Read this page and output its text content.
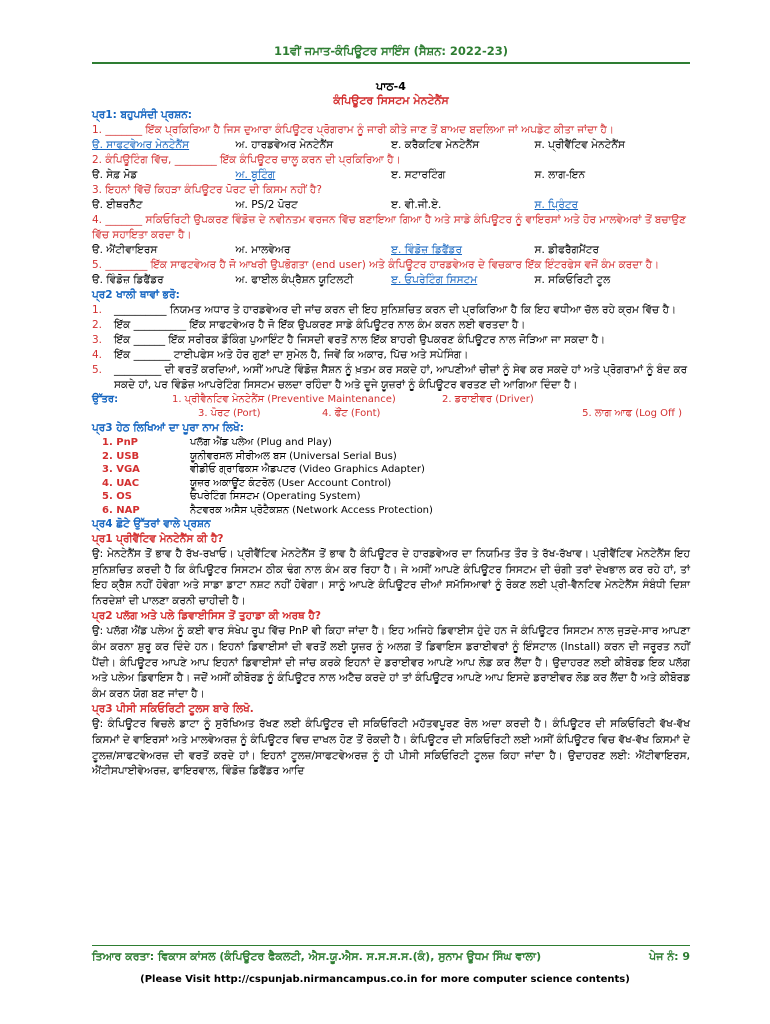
11ਵੀਂ ਜਮਾਤ-ਕੰਪਿਊਟਰ ਸਾਇੰਸ (ਸੈਸ਼ਨ: 2022-23)
ਪਾਠ-4
ਕੰਪਿਊਟਰ ਸਿਸਟਮ ਮੇਨਟੇਨੈਂਸ
ਪ੍ਰ1: ਬਹੁਪਸੰਦੀ ਪ੍ਰਸ਼ਨ:
1. _______ ਇੱਕ ਪ੍ਰਕਿਰਿਆ ਹੈ ਜਿਸ ਦੁਆਰਾ ਕੰਪਿਊਟਰ ਪ੍ਰੋਗਰਾਮ ਨੂੰ ਜਾਰੀ ਕੀਤੇ ਜਾਣ ਤੋਂ ਬਾਅਦ ਬਦਲਿਆ ਜਾਂ ਅਪਡੇਟ ਕੀਤਾ ਜਾਂਦਾ ਹੈ।
ੳ. ਸਾਫਟਵੇਅਰ ਮੇਨਟੇਨੈਂਸ	ਅ. ਹਾਰਡਵੇਅਰ ਮੇਨਟੇਨੈਂਸ	ੲ. ਕਰੈਕਟਿਵ ਮੇਨਟੇਨੈਂਸ	ਸ. ਪ੍ਰੀਵੈਂਟਿਵ ਮੇਨਟੇਨੈਂਸ
2. ਕੰਪਿਊਟਿੰਗ ਵਿੱਚ, ________ ਇੱਕ ਕੰਪਿਊਟਰ ਚਾਲੂ ਕਰਨ ਦੀ ਪ੍ਰਕਿਰਿਆ ਹੈ।
ੳ. ਸੇਫ਼ ਮੋਡ	ਅ. ਬੂਟਿੰਗ	ੲ. ਸਟਾਰਟਿੰਗ	ਸ. ਲਾਗ-ਇਨ
3. ਇਹਨਾਂ ਵਿੱਚੋਂ ਕਿਹੜਾ ਕੰਪਿਊਟਰ ਪੋਰਟ ਦੀ ਕਿਸਮ ਨਹੀਂ ਹੈ?
ੳ. ਈਥਰਨੈੱਟ	ਅ. PS/2 ਪੋਰਟ	ੲ. ਵੀ.ਜੀ.ਏ.	ਸ. ਪ੍ਰਿੰਟਰ
4. _______ ਸਕਿਓਰਿਟੀ ਉਪਕਰਣ ਵਿੰਡੋਜ਼ ਦੇ ਨਵੀਨਤਮ ਵਰਜਨ ਵਿੱਚ ਬਣਾਇਆ ਗਿਆ ਹੈ ਅਤੇ ਸਾਡੇ ਕੰਪਿਊਟਰ ਨੂੰ ਵਾਇਰਸਾਂ ਅਤੇ ਹੋਰ ਮਾਲਵੇਅਰਾਂ ਤੋਂ ਬਚਾਉਣ ਵਿੱਚ ਸਹਾਇਤਾ ਕਰਦਾ ਹੈ।
ੳ. ਐਂਟੀਵਾਇਰਸ	ਅ. ਮਾਲਵੇਅਰ	ੲ. ਵਿੰਡੋਜ਼ ਡਿਫੈਂਡਰ	ਸ. ਡੀਫਰੈਗਮੈਂਟਰ
5. ________ ਇੱਕ ਸਾਫਟਵੇਅਰ ਹੈ ਜੋ ਆਖਰੀ ਉਪਭੋਗਤਾ (end user) ਅਤੇ ਕੰਪਿਊਟਰ ਹਾਰਡਵੇਅਰ ਦੇ ਵਿਚਕਾਰ ਇੱਕ ਇੰਟਰਫੇਸ ਵਜੋਂ ਕੰਮ ਕਰਦਾ ਹੈ।
ੳ. ਵਿੰਡੋਜ਼ ਡਿਫੈਂਡਰ	ਅ. ਫਾਈਲ ਕੰਪ੍ਰੈਸ਼ਨ ਯੂਟਿਲਟੀ	ੲ. ਓਪਰੇਟਿੰਗ ਸਿਸਟਮ	ਸ. ਸਕਿਓਰਿਟੀ ਟੂਲ
ਪ੍ਰ2 ਖਾਲੀ ਥਾਵਾਂ ਭਰੋ:
1.	__________ ਨਿਯਮਤ ਅਧਾਰ ਤੇ ਹਾਰਡਵੇਅਰ ਦੀ ਜਾਂਚ ਕਰਨ ਦੀ ਇਹ ਸੁਨਿਸ਼ਚਿਤ ਕਰਨ ਦੀ ਪ੍ਰਕਿਰਿਆ ਹੈ ਕਿ ਇਹ ਵਧੀਆ ਚੱਲ ਰਹੇ ਕ੍ਰਮ ਵਿੱਚ ਹੈ।
2.	ਇੱਕ __________ ਇੱਕ ਸਾਫਟਵੇਅਰ ਹੈ ਜੋ ਇੱਕ ਉਪਕਰਣ ਸਾਡੇ ਕੰਪਿਊਟਰ ਨਾਲ ਕੰਮ ਕਰਨ ਲਈ ਵਰਤਦਾ ਹੈ।
3.	ਇੱਕ ______ ਇੱਕ ਸਰੀਰਕ ਡੌਕਿੰਗ ਪੁਆਇੰਟ ਹੈ ਜਿਸਦੀ ਵਰਤੋਂ ਨਾਲ ਇੱਕ ਬਾਹਰੀ ਉਪਕਰਣ ਕੰਪਿਊਟਰ ਨਾਲ ਜੋੜਿਆ ਜਾ ਸਕਦਾ ਹੈ।
4.	ਇੱਕ _______ ਟਾਈਪਫੇਸ ਅਤੇ ਹੋਰ ਗੁਣਾਂ ਦਾ ਸੁਮੇਲ ਹੈ, ਜਿਵੇਂ ਕਿ ਅਕਾਰ, ਪਿੱਚ ਅਤੇ ਸਪੇਸਿੰਗ।
5.	_________ ਦੀ ਵਰਤੋਂ ਕਰਦਿਆਂ, ਅਸੀਂ ਆਪਣੇ ਵਿੰਡੋਜ਼ ਸੈਸ਼ਨ ਨੂੰ ਖ਼ਤਮ ਕਰ ਸਕਦੇ ਹਾਂ, ਆਪਣੀਆਂ ਚੀਜ਼ਾਂ ਨੂੰ ਸੇਵ ਕਰ ਸਕਦੇ ਹਾਂ ਅਤੇ ਪ੍ਰੋਗਰਾਮਾਂ ਨੂੰ ਬੰਦ ਕਰ ਸਕਦੇ ਹਾਂ, ਪਰ ਵਿੰਡੋਜ਼ ਆਪਰੇਟਿੰਗ ਸਿਸਟਮ ਚਲਦਾ ਰਹਿੰਦਾ ਹੈ ਅਤੇ ਦੂਜੇ ਯੂਜ਼ਰਾਂ ਨੂੰ ਕੰਪਿਊਟਰ ਵਰਤਣ ਦੀ ਆਗਿਆ ਦਿੰਦਾ ਹੈ।
ਉੱਤਰ:	1. ਪ੍ਰੀਵੈਨਟਿਵ ਮੇਨਟੇਨੈਂਸ (Preventive Maintenance)	2. ਡਰਾਈਵਰ (Driver)
3. ਪੋਰਟ (Port)	4. ਫੌਂਟ (Font)	5. ਲਾਗ ਆਫ (Log Off )
ਪ੍ਰ3 ਹੇਠ ਲਿਖਿਆਂ ਦਾ ਪੂਰਾ ਨਾਮ ਲਿਖੋ:
1. PnP	ਪਲੱਗ ਐਂਡ ਪਲੇਅ (Plug and Play)
2. USB	ਯੂਨੀਵਰਸਲ ਸੀਰੀਅਲ ਬਸ (Universal Serial Bus)
3. VGA	ਵੀਡੀਓ ਗ੍ਰਾਫਿਕਸ ਐਡਪਟਰ (Video Graphics Adapter)
4. UAC	ਯੂਜ਼ਰ ਅਕਾਊਂਟ ਕੰਟਰੋਲ (User Account Control)
5. OS	ਓਪਰੇਟਿੰਗ ਸਿਸਟਮ (Operating System)
6. NAP	ਨੈਟਵਰਕ ਅਸੈਸ ਪ੍ਰੋਟੈਕਸ਼ਨ (Network Access Protection)
ਪ੍ਰ4 ਛੋਟੇ ਉੱਤਰਾਂ ਵਾਲੇ ਪ੍ਰਸ਼ਨ
ਪ੍ਰ1 ਪ੍ਰੀਵੈਂਟਿਵ ਮੇਨਟੇਨੈਂਸ ਕੀ ਹੈ?
ਉ: ਮੇਨਟੇਨੈਂਸ ਤੋਂ ਭਾਵ ਹੈ ਰੱਖ-ਰਖਾਓ। ਪ੍ਰੀਵੈਂਟਿਵ ਮੇਨਟੇਨੈਂਸ ਤੋਂ ਭਾਵ ਹੈ ਕੰਪਿਊਟਰ ਦੇ ਹਾਰਡਵੇਅਰ ਦਾ ਨਿਯਮਿਤ ਤੌਰ ਤੇ ਰੱਖ-ਰੱਖਾਵ। ਪ੍ਰੀਵੈਂਟਿਵ ਮੇਨਟੇਨੈਂਸ ਇਹ ਸੁਨਿਸ਼ਚਿਤ ਕਰਦੀ ਹੈ ਕਿ ਕੰਪਿਊਟਰ ਸਿਸਟਮ ਠੀਕ ਢੰਗ ਨਾਲ ਕੰਮ ਕਰ ਰਿਹਾ ਹੈ। ਜੇ ਅਸੀਂ ਆਪਣੇ ਕੰਪਿਊਟਰ ਸਿਸਟਮ ਦੀ ਚੰਗੀ ਤਰਾਂ ਦੇਖਭਾਲ ਕਰ ਰਹੇ ਹਾਂ, ਤਾਂ ਇਹ ਕ੍ਰੈਸ਼ ਨਹੀਂ ਹੋਵੇਗਾ ਅਤੇ ਸਾਡਾ ਡਾਟਾ ਨਸ਼ਟ ਨਹੀਂ ਹੋਵੇਗਾ। ਸਾਨੂੰ ਆਪਣੇ ਕੰਪਿਊਟਰ ਦੀਆਂ ਸਮੱਸਿਆਵਾਂ ਨੂੰ ਰੋਕਣ ਲਈ ਪ੍ਰੀ-ਵੈਨਟਿਵ ਮੇਨਟੇਨੈਂਸ ਸੰਬੰਧੀ ਦਿਸ਼ਾ ਨਿਰਦੇਸ਼ਾਂ ਦੀ ਪਾਲਣਾ ਕਰਨੀ ਚਾਹੀਦੀ ਹੈ।
ਪ੍ਰ2 ਪਲੱਗ ਅਤੇ ਪਲੇ ਡਿਵਾਈਸਿਸ ਤੋਂ ਤੁਹਾਡਾ ਕੀ ਅਰਥ ਹੈ?
ਉ: ਪਲੱਗ ਐਂਡ ਪਲੇਅ ਨੂੰ ਕਈ ਵਾਰ ਸੰਖੇਪ ਰੂਪ ਵਿੱਚ PnP ਵੀ ਕਿਹਾ ਜਾਂਦਾ ਹੈ। ਇਹ ਅਜਿਹੇ ਡਿਵਾਈਸ ਹੁੰਦੇ ਹਨ ਜੋ ਕੰਪਿਊਟਰ ਸਿਸਟਮ ਨਾਲ ਜੁੜਦੇ-ਸਾਰ ਆਪਣਾ ਕੰਮ ਕਰਨਾ ਸ਼ੁਰੂ ਕਰ ਦਿੰਦੇ ਹਨ। ਇਹਨਾਂ ਡਿਵਾਈਸਾਂ ਦੀ ਵਰਤੋਂ ਲਈ ਯੂਜ਼ਰ ਨੂੰ ਅਲਗ ਤੋਂ ਡਿਵਾਇਸ ਡਰਾਈਵਰਾਂ ਨੂੰ ਇੰਸਟਾਲ (Install) ਕਰਨ ਦੀ ਜਰੂਰਤ ਨਹੀਂ ਪੈਂਦੀ। ਕੰਪਿਊਟਰ ਆਪਣੇ ਆਪ ਇਹਨਾਂ ਡਿਵਾਈਸਾਂ ਦੀ ਜਾਂਚ ਕਰਕੇ ਇਹਨਾਂ ਦੇ ਡਰਾਈਵਰ ਆਪਣੇ ਆਪ ਲੋਡ ਕਰ ਲੈਂਦਾ ਹੈ। ਉਦਾਹਰਣ ਲਈ ਕੀਬੋਰਡ ਇਕ ਪਲੱਗ ਅਤੇ ਪਲੇਅ ਡਿਵਾਇਸ ਹੈ। ਜਦੋਂ ਅਸੀਂ ਕੀਬੋਰਡ ਨੂੰ ਕੰਪਿਊਟਰ ਨਾਲ ਅਟੈਚ ਕਰਦੇ ਹਾਂ ਤਾਂ ਕੰਪਿਊਟਰ ਆਪਣੇ ਆਪ ਇਸਦੇ ਡਰਾਈਵਰ ਲੋਡ ਕਰ ਲੈਂਦਾ ਹੈ ਅਤੇ ਕੀਬੋਰਡ ਕੰਮ ਕਰਨ ਯੋਗ ਬਣ ਜਾਂਦਾ ਹੈ।
ਪ੍ਰ3 ਪੀਸੀ ਸਕਿਓਰਿਟੀ ਟੂਲਸ ਬਾਰੇ ਲਿਖੋ.
ਉ: ਕੰਪਿਊਟਰ ਵਿਚਲੇ ਡਾਟਾ ਨੂੰ ਸੁਰੱਖਿਅਤ ਰੱਖਣ ਲਈ ਕੰਪਿਊਟਰ ਦੀ ਸਕਿਓਰਿਟੀ ਮਹੱਤਵਪੂਰਣ ਰੋਲ ਅਦਾ ਕਰਦੀ ਹੈ। ਕੰਪਿਊਟਰ ਦੀ ਸਕਿਓਰਿਟੀ ਵੱਖ-ਵੱਖ ਕਿਸਮਾਂ ਦੇ ਵਾਇਰਸਾਂ ਅਤੇ ਮਾਲਵੇਅਰਜ਼ ਨੂੰ ਕੰਪਿਊਟਰ ਵਿਚ ਦਾਖਲ ਹੋਣ ਤੋਂ ਰੋਕਦੀ ਹੈ। ਕੰਪਿਊਟਰ ਦੀ ਸਕਿਓਰਿਟੀ ਲਈ ਅਸੀਂ ਕੰਪਿਊਟਰ ਵਿਚ ਵੱਖ-ਵੱਖ ਕਿਸਮਾਂ ਦੇ ਟੂਲਜ਼/ਸਾਫਟਵੇਅਰਜ਼ ਦੀ ਵਰਤੋਂ ਕਰਦੇ ਹਾਂ। ਇਹਨਾਂ ਟੂਲਜ਼/ਸਾਫਟਵੇਅਰਜ਼ ਨੂੰ ਹੀ ਪੀਸੀ ਸਕਿਓਰਿਟੀ ਟੂਲਜ਼ ਕਿਹਾ ਜਾਂਦਾ ਹੈ। ਉਦਾਹਰਣ ਲਈ: ਐਂਟੀਵਾਇਰਸ, ਐਂਟੀਸਪਾਈਵੇਅਰਜ਼, ਫਾਇਰਵਾਲ, ਵਿੰਡੋਜ਼ ਡਿਫੈਂਡਰ ਆਦਿ
ਤਿਆਰ ਕਰਤਾ: ਵਿਕਾਸ ਕਾਂਸਲ (ਕੰਪਿਊਟਰ ਫੈਕਲਟੀ, ਐਸ.ਯੂ.ਐਸ. ਸ.ਸ.ਸ.ਸ.(ਕੰ), ਸੁਨਾਮ ਊਧਮ ਸਿੰਘ ਵਾਲਾ)	ਪੇਜ ਨੰ: 9
(Please Visit http://cspunjab.nirmancampus.co.in for more computer science contents)
